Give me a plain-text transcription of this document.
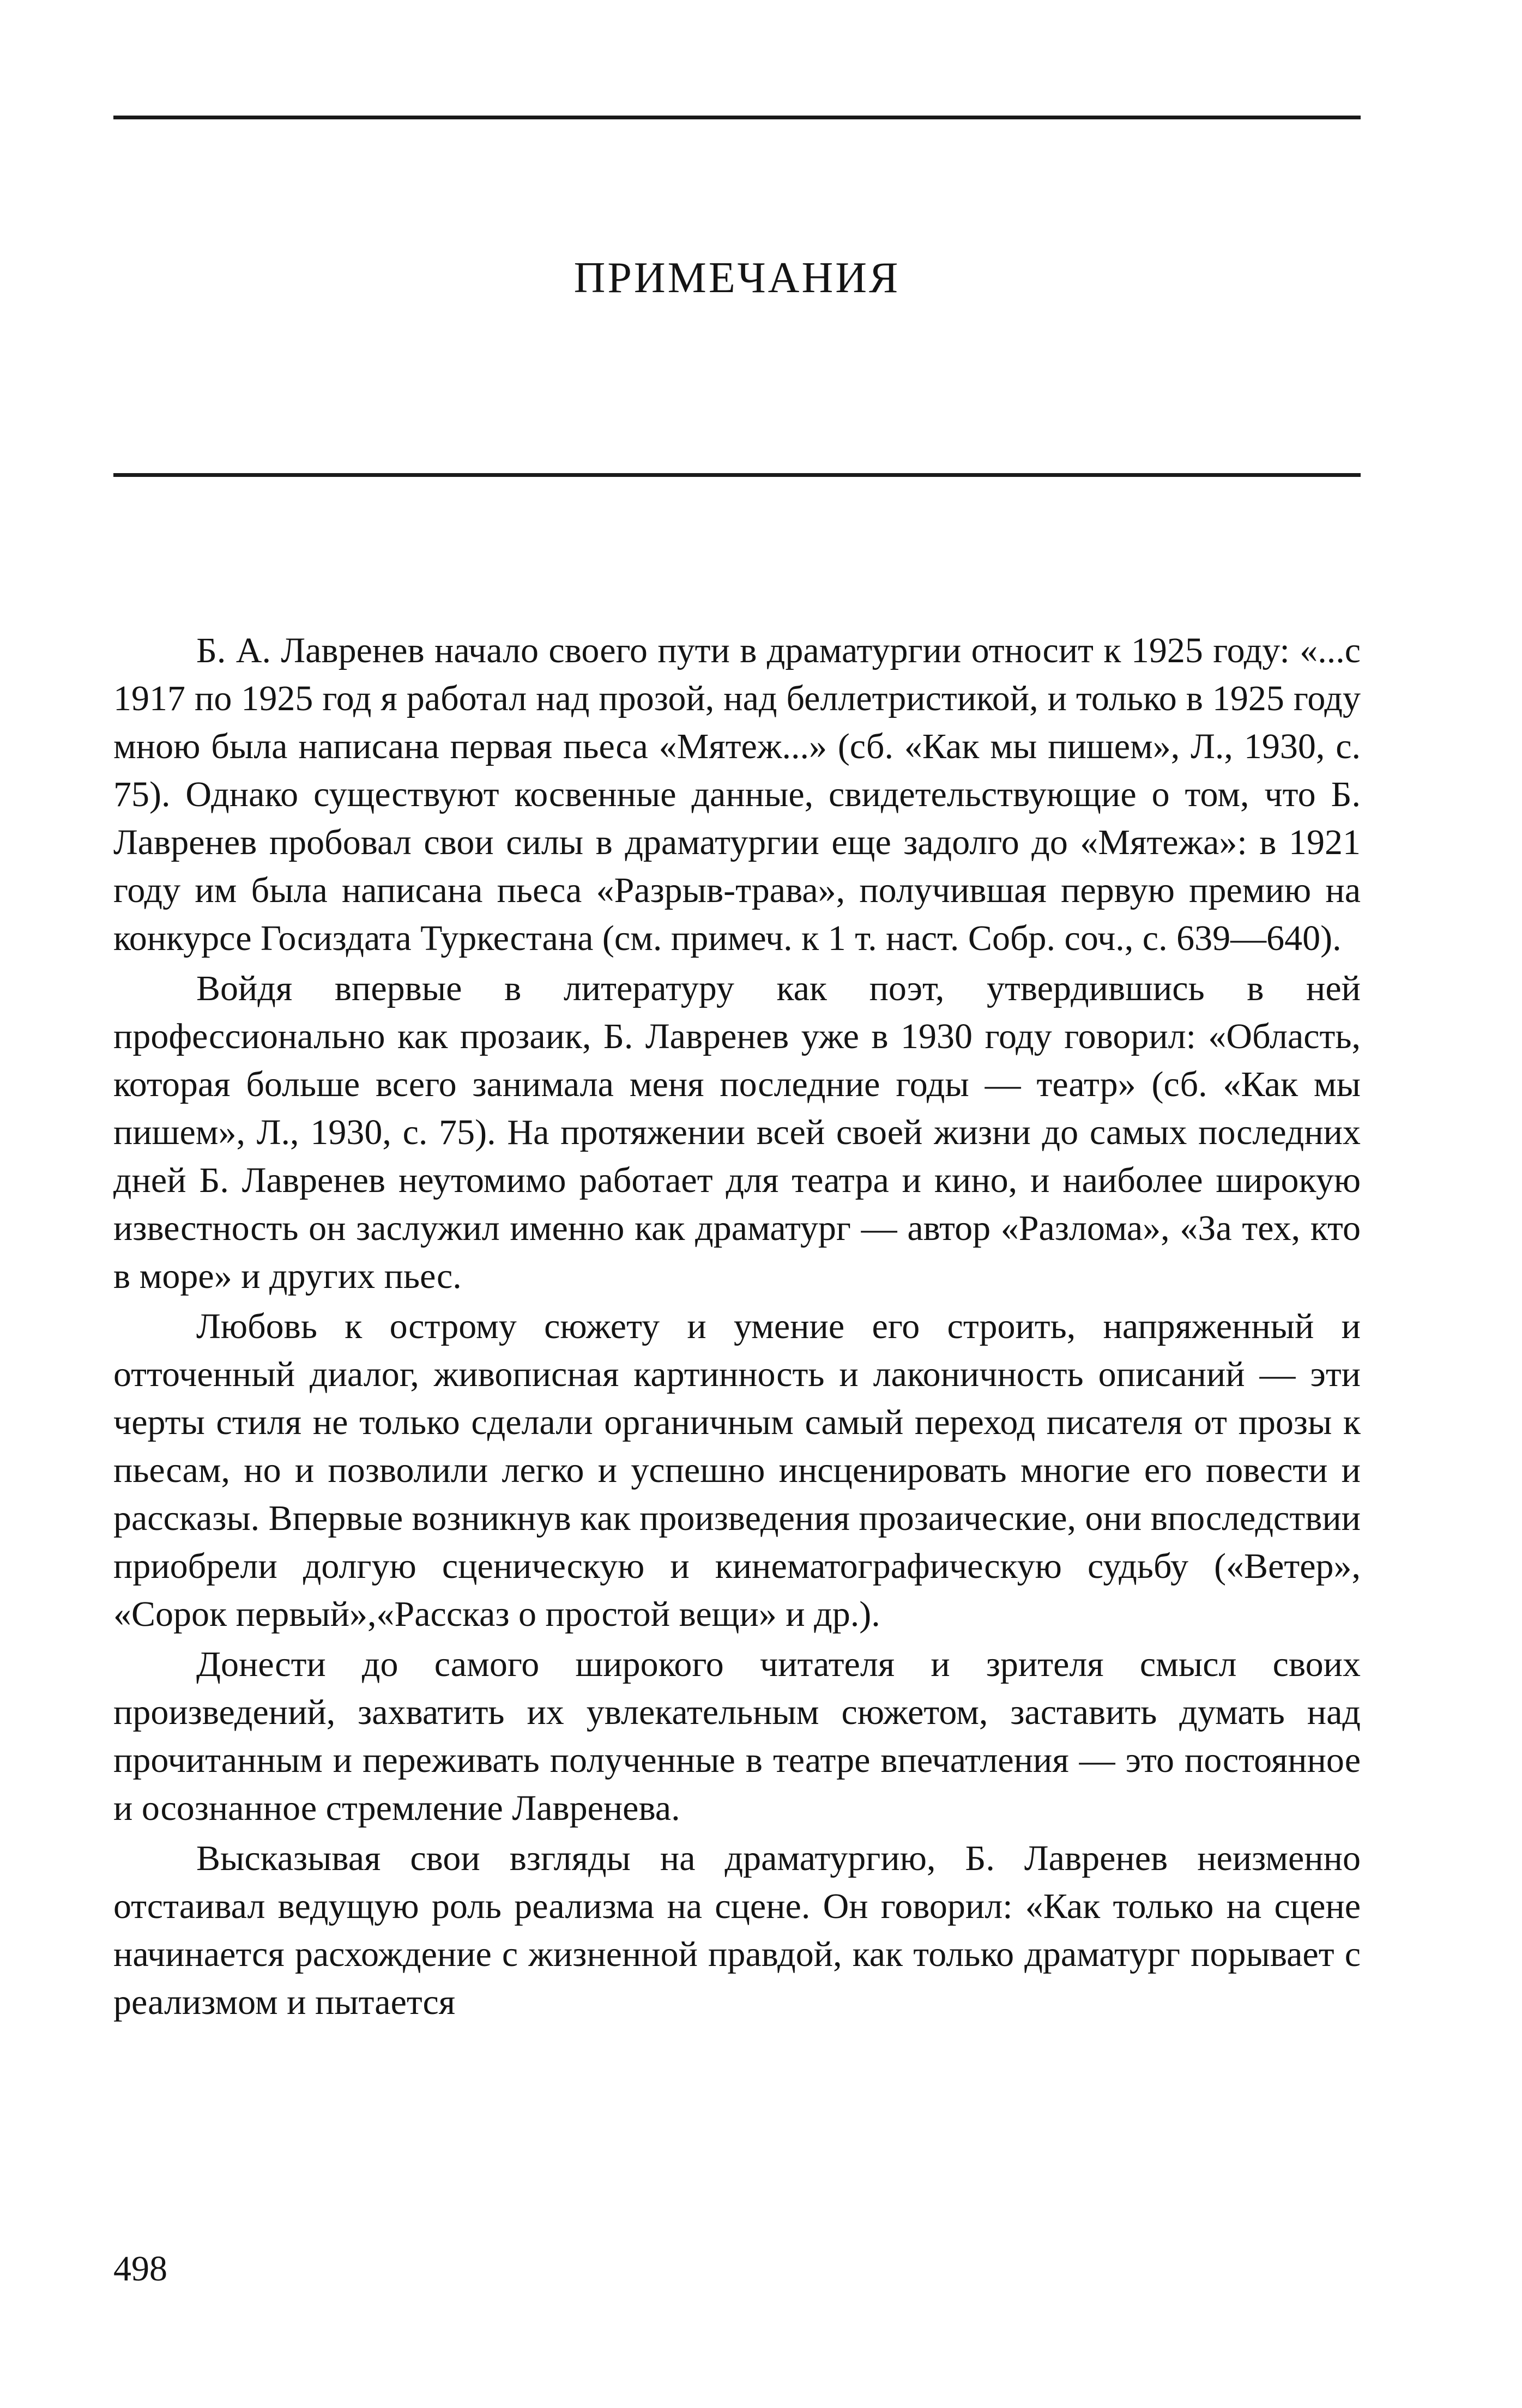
ПРИМЕЧАНИЯ

Б. А. Лавренев начало своего пути в драматургии относит к 1925 году: «...с 1917 по 1925 год я работал над прозой, над беллетристикой, и только в 1925 году мною была написана первая пьеса «Мятеж...» (сб. «Как мы пишем», Л., 1930, с. 75). Однако существуют косвенные данные, свидетельствующие о том, что Б. Лавренев пробовал свои силы в драматургии еще задолго до «Мятежа»: в 1921 году им была написана пьеса «Разрыв-трава», получившая первую премию на конкурсе Госиздата Туркестана (см. примеч. к 1 т. наст. Собр. соч., с. 639—640).

Войдя впервые в литературу как поэт, утвердившись в ней профессионально как прозаик, Б. Лавренев уже в 1930 году говорил: «Область, которая больше всего занимала меня последние годы — театр» (сб. «Как мы пишем», Л., 1930, с. 75). На протяжении всей своей жизни до самых последних дней Б. Лавренев неутомимо работает для театра и кино, и наиболее широкую известность он заслужил именно как драматург — автор «Разлома», «За тех, кто в море» и других пьес.

Любовь к острому сюжету и умение его строить, напряженный и отточенный диалог, живописная картинность и лаконичность описаний — эти черты стиля не только сделали органичным самый переход писателя от прозы к пьесам, но и позволили легко и успешно инсценировать многие его повести и рассказы. Впервые возникнув как произведения прозаические, они впоследствии приобрели долгую сценическую и кинематографическую судьбу («Ветер», «Сорок первый»,«Рассказ о простой вещи» и др.).

Донести до самого широкого читателя и зрителя смысл своих произведений, захватить их увлекательным сюжетом, заставить думать над прочитанным и переживать полученные в театре впечатления — это постоянное и осознанное стремление Лавренева.

Высказывая свои взгляды на драматургию, Б. Лавренев неизменно отстаивал ведущую роль реализма на сцене. Он говорил: «Как только на сцене начинается расхождение с жизненной правдой, как только драматург порывает с реализмом и пытается

498
